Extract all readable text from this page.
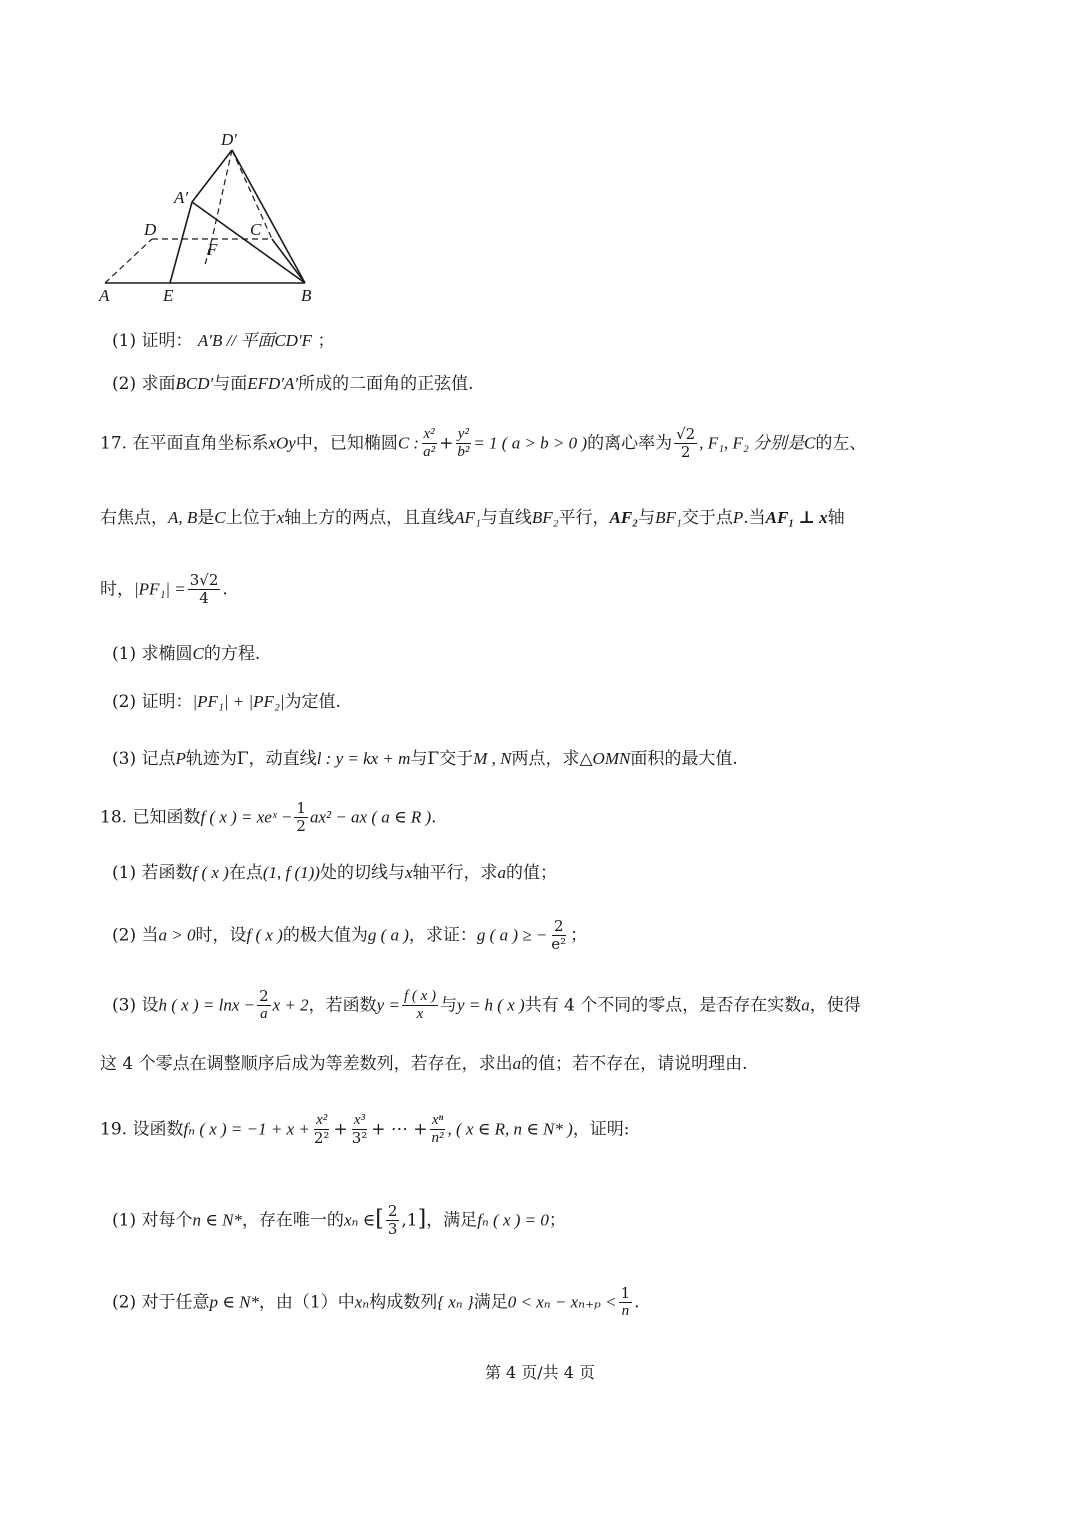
D′
A′
D	C
F
A	E	B
(1) 证明： A′B // 平面CD′F ；
(2) 求面BCD′与面EFD′A′所成的二面角的正弦值.
17. 在平面直角坐标系xOy中，已知椭圆C : $\frac{\text{x²}}{\text{a²}} + \frac{\text{y²}}{\text{b²}} = 1$ ( a > b > 0 )的离心率为 $\frac{√2}{2}$ , F₁, F₂ 分别是C的左、
右焦点，A, B是C上位于x轴上方的两点，且直线AF₁与直线BF₂平行，AF₂与BF₁交于点P.当AF₁ ⊥ x轴
时，$|PF_1| = \frac{3√2}{4}$ .
(1) 求椭圆C的方程.
(2) 证明：|PF₁| + |PF₂|为定值.
(3) 记点P轨迹为Γ，动直线l : y = kx + m与Γ交于M , N两点，求△OMN面积的最大值.
18. 已知函数f ( x ) = xeˣ − $\frac{1}{2} ax^2$ − ax ( a ∈ R ).
(1) 若函数f ( x )在点(1, f (1))处的切线与x轴平行，求a的值；
(2) 当a > 0时，设f ( x )的极大值为g ( a )，求证：g ( a ) ≥ − $\frac{2}{\text{e²}}$ ；
(3) 设h ( x ) = $\ln x - \frac{2}{a}$ x + 2，若函数$y = \frac{f ( x )}{x}$ 与y = h ( x )共有 4 个不同的零点，是否存在实数a，使得
这 4 个零点在调整顺序后成为等差数列，若存在，求出a的值；若不存在，请说明理由.
19. 设函数fₙ ( x ) = $-1 + x + \frac{\text{x²}}{\text{2²}} + \frac{\text{x³}}{\text{3²}}$ + ⋯ + $\frac{\text{xⁿ}}{\text{n²}}$ , ( x ∈ R, n ∈ N* )，证明:
(1) 对每个n ∈ N*，存在唯一的xₙ ∈[ $\frac{2}{3} ,1$]，满足fₙ ( x ) = 0；
(2) 对于任意p ∈ N*，由（1）中xₙ构成数列{ xₙ }满足$0 < x_n - x_{n+p} < \frac{1}{n}$ .
第 4 页/共 4 页
